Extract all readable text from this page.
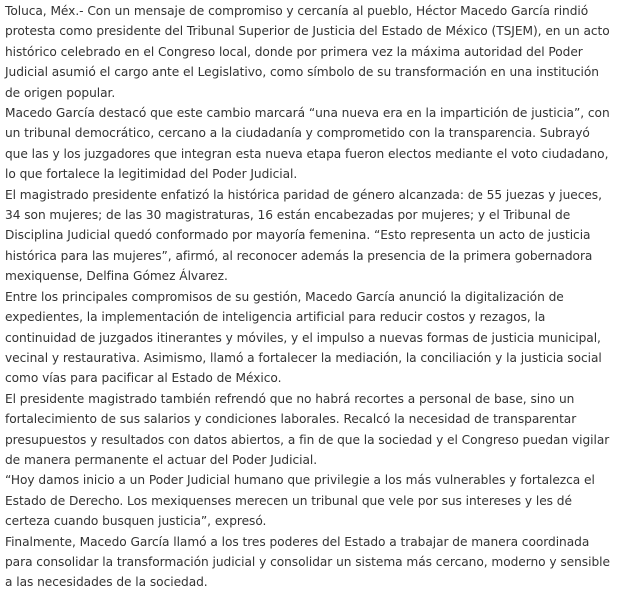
Toluca, Méx.- Con un mensaje de compromiso y cercanía al pueblo, Héctor Macedo García rindió protesta como presidente del Tribunal Superior de Justicia del Estado de México (TSJEM), en un acto histórico celebrado en el Congreso local, donde por primera vez la máxima autoridad del Poder Judicial asumió el cargo ante el Legislativo, como símbolo de su transformación en una institución de origen popular.

Macedo García destacó que este cambio marcará “una nueva era en la impartición de justicia”, con un tribunal democrático, cercano a la ciudadanía y comprometido con la transparencia. Subrayó que las y los juzgadores que integran esta nueva etapa fueron electos mediante el voto ciudadano, lo que fortalece la legitimidad del Poder Judicial.

El magistrado presidente enfatizó la histórica paridad de género alcanzada: de 55 juezas y jueces, 34 son mujeres; de las 30 magistraturas, 16 están encabezadas por mujeres; y el Tribunal de Disciplina Judicial quedó conformado por mayoría femenina. “Esto representa un acto de justicia histórica para las mujeres”, afirmó, al reconocer además la presencia de la primera gobernadora mexiquense, Delfina Gómez Álvarez.

Entre los principales compromisos de su gestión, Macedo García anunció la digitalización de expedientes, la implementación de inteligencia artificial para reducir costos y rezagos, la continuidad de juzgados itinerantes y móviles, y el impulso a nuevas formas de justicia municipal, vecinal y restaurativa. Asimismo, llamó a fortalecer la mediación, la conciliación y la justicia social como vías para pacificar al Estado de México.

El presidente magistrado también refrendó que no habrá recortes a personal de base, sino un fortalecimiento de sus salarios y condiciones laborales. Recalcó la necesidad de transparentar presupuestos y resultados con datos abiertos, a fin de que la sociedad y el Congreso puedan vigilar de manera permanente el actuar del Poder Judicial.

“Hoy damos inicio a un Poder Judicial humano que privilegie a los más vulnerables y fortalezca el Estado de Derecho. Los mexiquenses merecen un tribunal que vele por sus intereses y les dé certeza cuando busquen justicia”, expresó.

Finalmente, Macedo García llamó a los tres poderes del Estado a trabajar de manera coordinada para consolidar la transformación judicial y consolidar un sistema más cercano, moderno y sensible a las necesidades de la sociedad.
